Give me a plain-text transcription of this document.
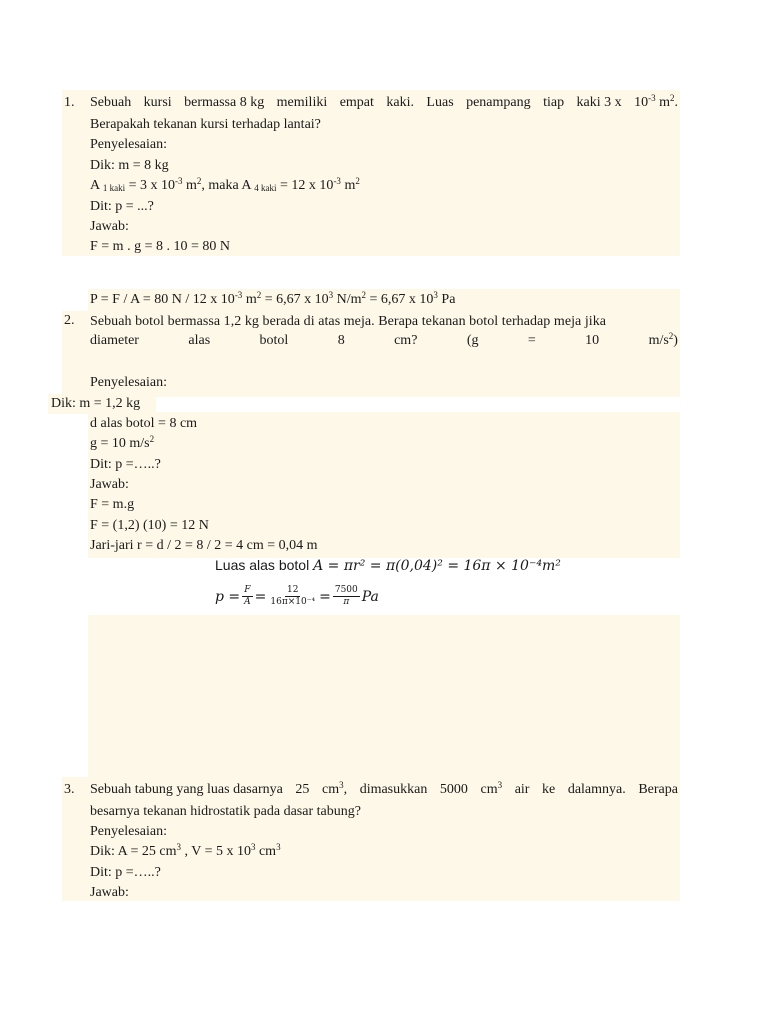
1. Sebuah kursi bermassa 8 kg memiliki empat kaki. Luas penampang tiap kaki 3 x $10^{-3}$ $m^2$.
Berapakah tekanan kursi terhadap lantai?
Penyelesaian:
Dik: m = 8 kg
A $_{1 kaki}$ = 3 x $10^{-3}$ $m^2$, maka A $_{4 kaki}$ = 12 x $10^{-3}$ $m^2$
Dit: p = ...?
Jawab:
F = m . g = 8 . 10 = 80 N
P = F / A = 80 N / 12 x $10^{-3}$ $m^2 = 6,67$ x $10^3$ $N/m^2 = 6,67$ x $10^3$ Pa
2. Sebuah botol bermassa 1,2 kg berada di atas meja. Berapa tekanan botol terhadap meja jika
diameter	alas	botol	8	cm?	(g	=	10	$m/s^2$)
Penyelesaian:
Dik: m = 1,2 kg
d alas botol = 8 cm
g = 10 $m/s^2$
Dit: p =…..?
Jawab:
F = m.g
F = (1,2) (10) = 12 N
Jari-jari r = d / 2 = 8 / 2 = 4 cm = 0,04 m
Luas alas botol A = πr² = π(0,04)² = 16π × 10⁻⁴m²
$p = \frac{F}{A} = \frac{12}{\text{16π×10⁻⁴}} = \frac{7500}{\pi}$ Pa
3. Sebuah tabung yang luas dasarnya 25 $cm^3$, dimasukkan 5000 $cm^3$ air ke dalamnya. Berapa
besarnya tekanan hidrostatik pada dasar tabung?
Penyelesaian:
Dik: A = 25 $cm^3$ , V = 5 x $10^3$ $cm^3$
Dit: p =…..?
Jawab:
